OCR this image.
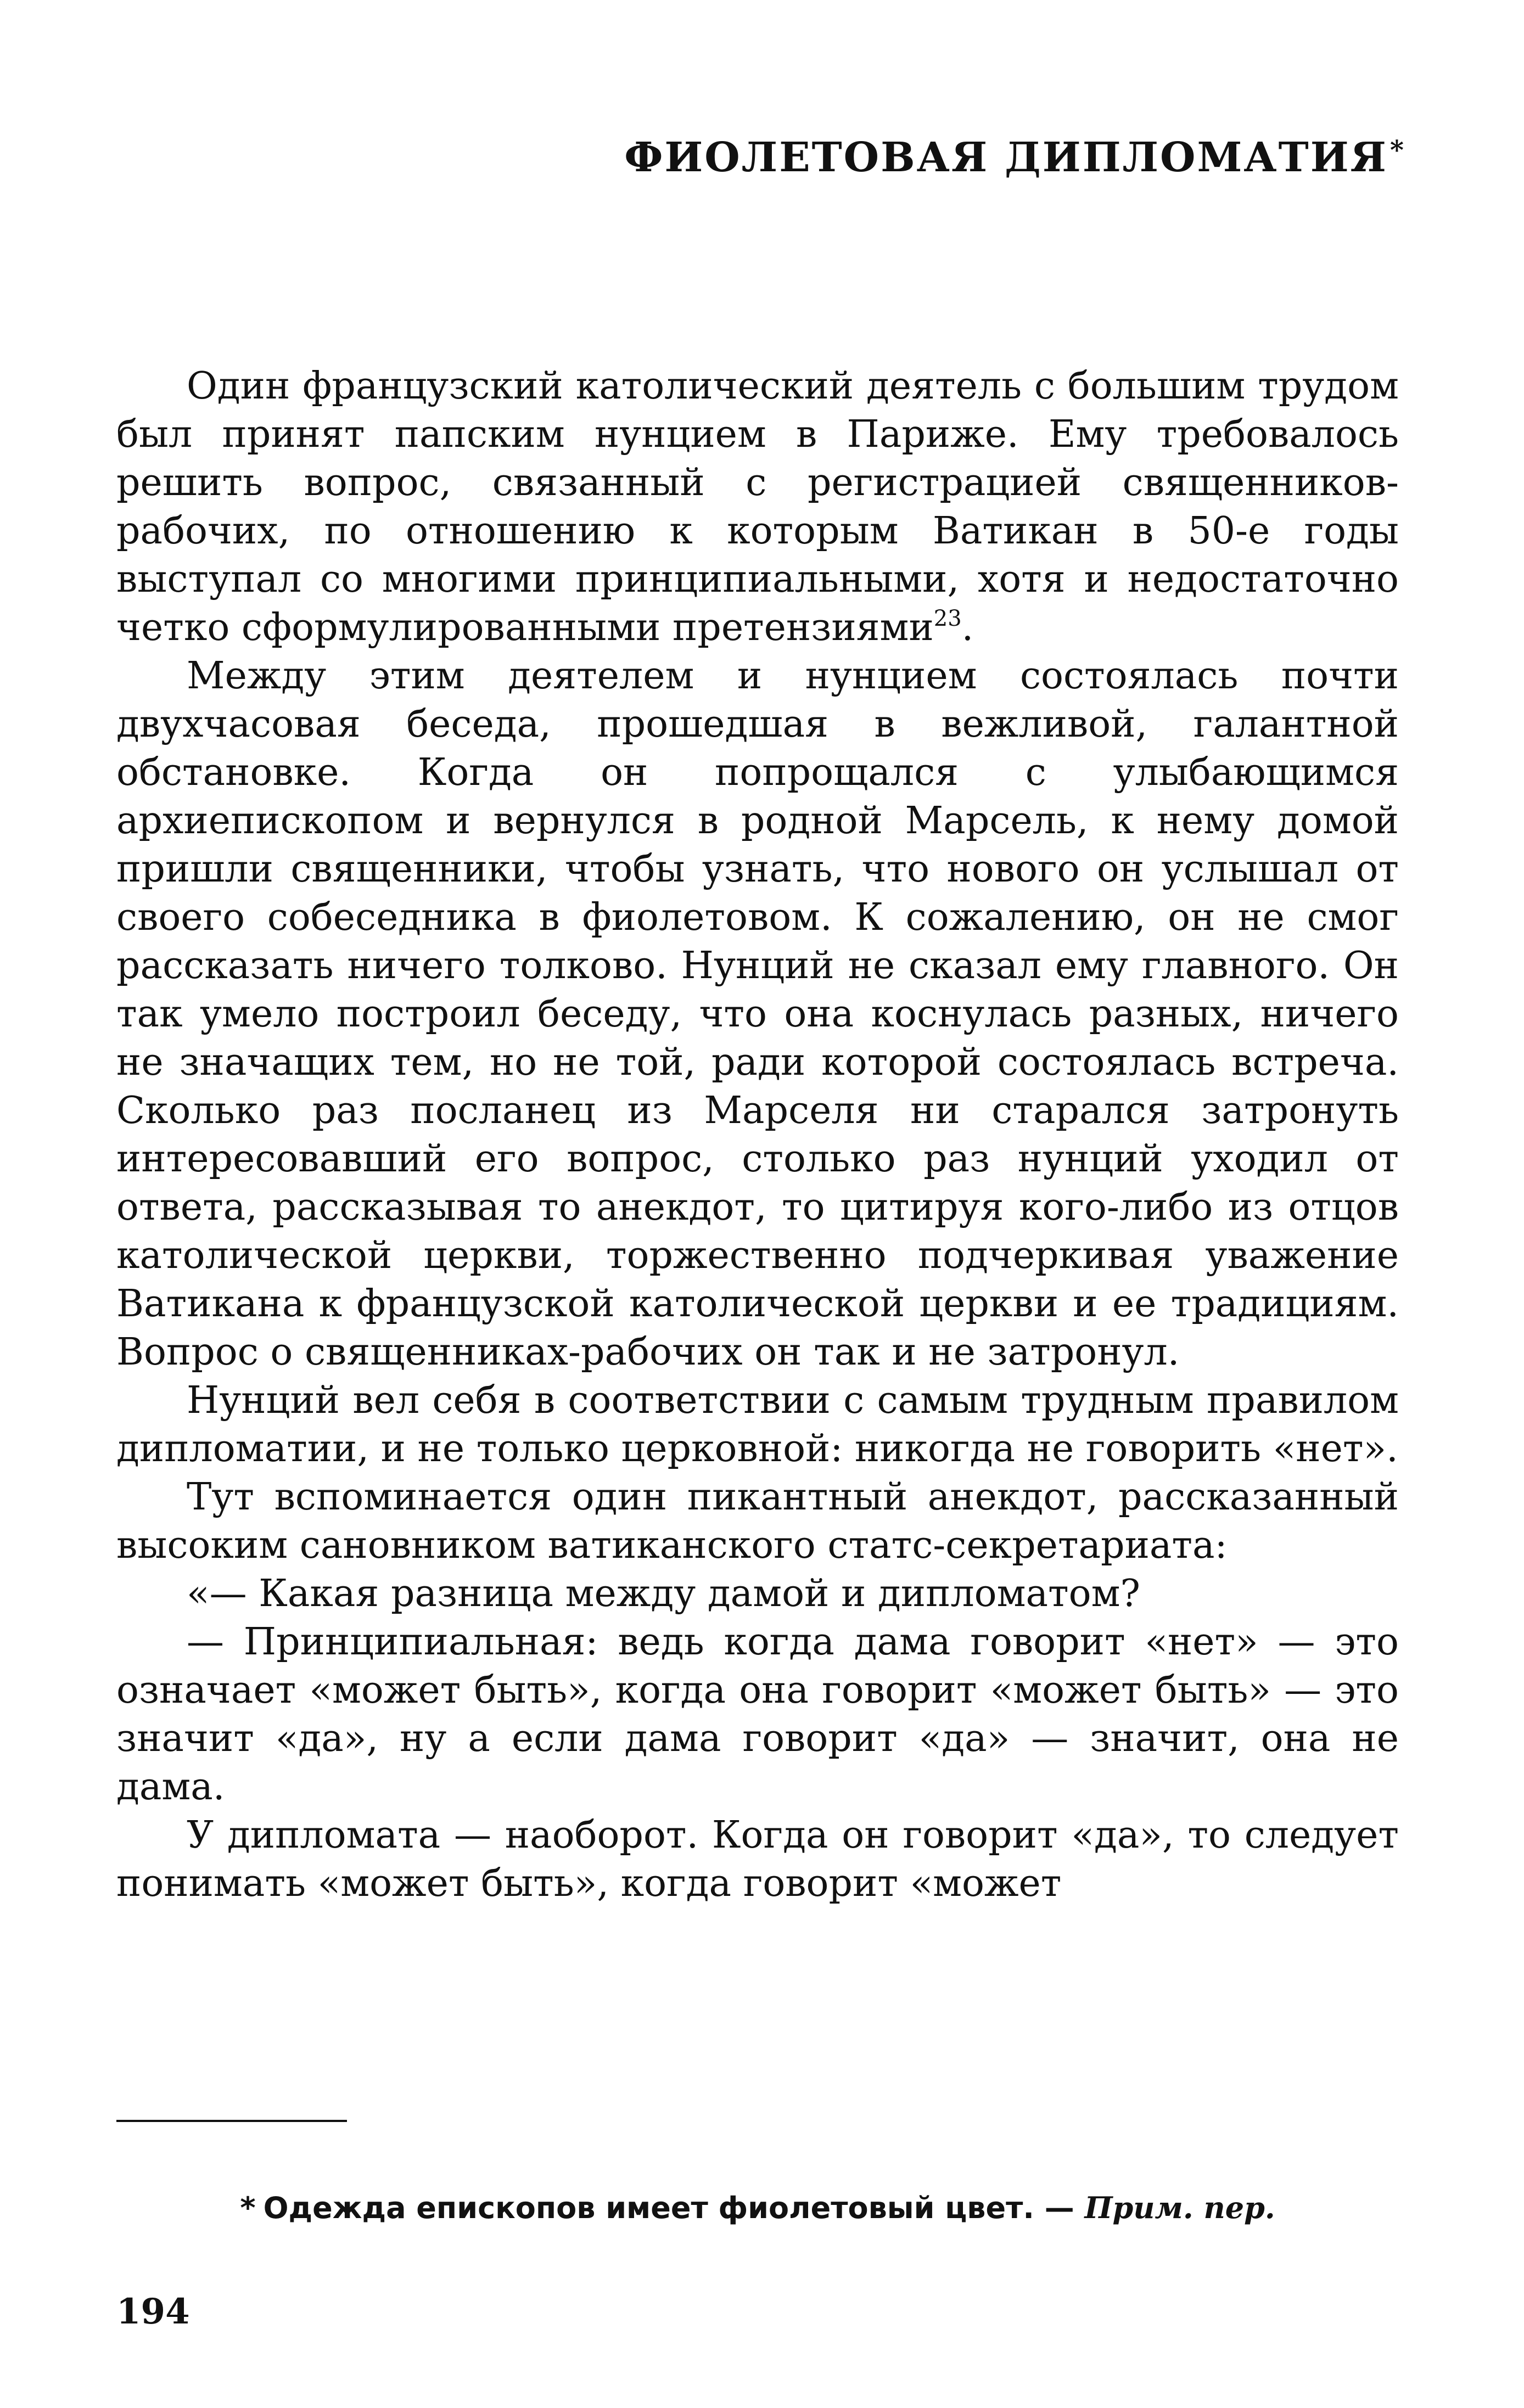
ФИОЛЕТОВАЯ ДИПЛОМАТИЯ*

Один французский католический деятель с большим трудом был принят папским нунцием в Париже. Ему требовалось решить вопрос, связанный с регистрацией священников-рабочих, по отношению к которым Ватикан в 50-е годы выступал со многими принципиальными, хотя и недостаточно четко сформулированными претензиями$^{23}$.

Между этим деятелем и нунцием состоялась почти двухчасовая беседа, прошедшая в вежливой, галантной обстановке. Когда он попрощался с улыбающимся архиепископом и вернулся в родной Марсель, к нему домой пришли священники, чтобы узнать, что нового он услышал от своего собеседника в фиолетовом. К сожалению, он не смог рассказать ничего толково. Нунций не сказал ему главного. Он так умело построил беседу, что она коснулась разных, ничего не значащих тем, но не той, ради которой состоялась встреча. Сколько раз посланец из Марселя ни старался затронуть интересовавший его вопрос, столько раз нунций уходил от ответа, рассказывая то анекдот, то цитируя кого-либо из отцов католической церкви, торжественно подчеркивая уважение Ватикана к французской католической церкви и ее традициям. Вопрос о священниках-рабочих он так и не затронул.

Нунций вел себя в соответствии с самым трудным правилом дипломатии, и не только церковной: никогда не говорить «нет».

Тут вспоминается один пикантный анекдот, рассказанный высоким сановником ватиканского статс-секретариата:

«— Какая разница между дамой и дипломатом?

— Принципиальная: ведь когда дама говорит «нет» — это означает «может быть», когда она говорит «может быть» — это значит «да», ну а если дама говорит «да» — значит, она не дама.

У дипломата — наоборот. Когда он говорит «да», то следует понимать «может быть», когда говорит «может

* Одежда епископов имеет фиолетовый цвет. — Прим. пер.
194
